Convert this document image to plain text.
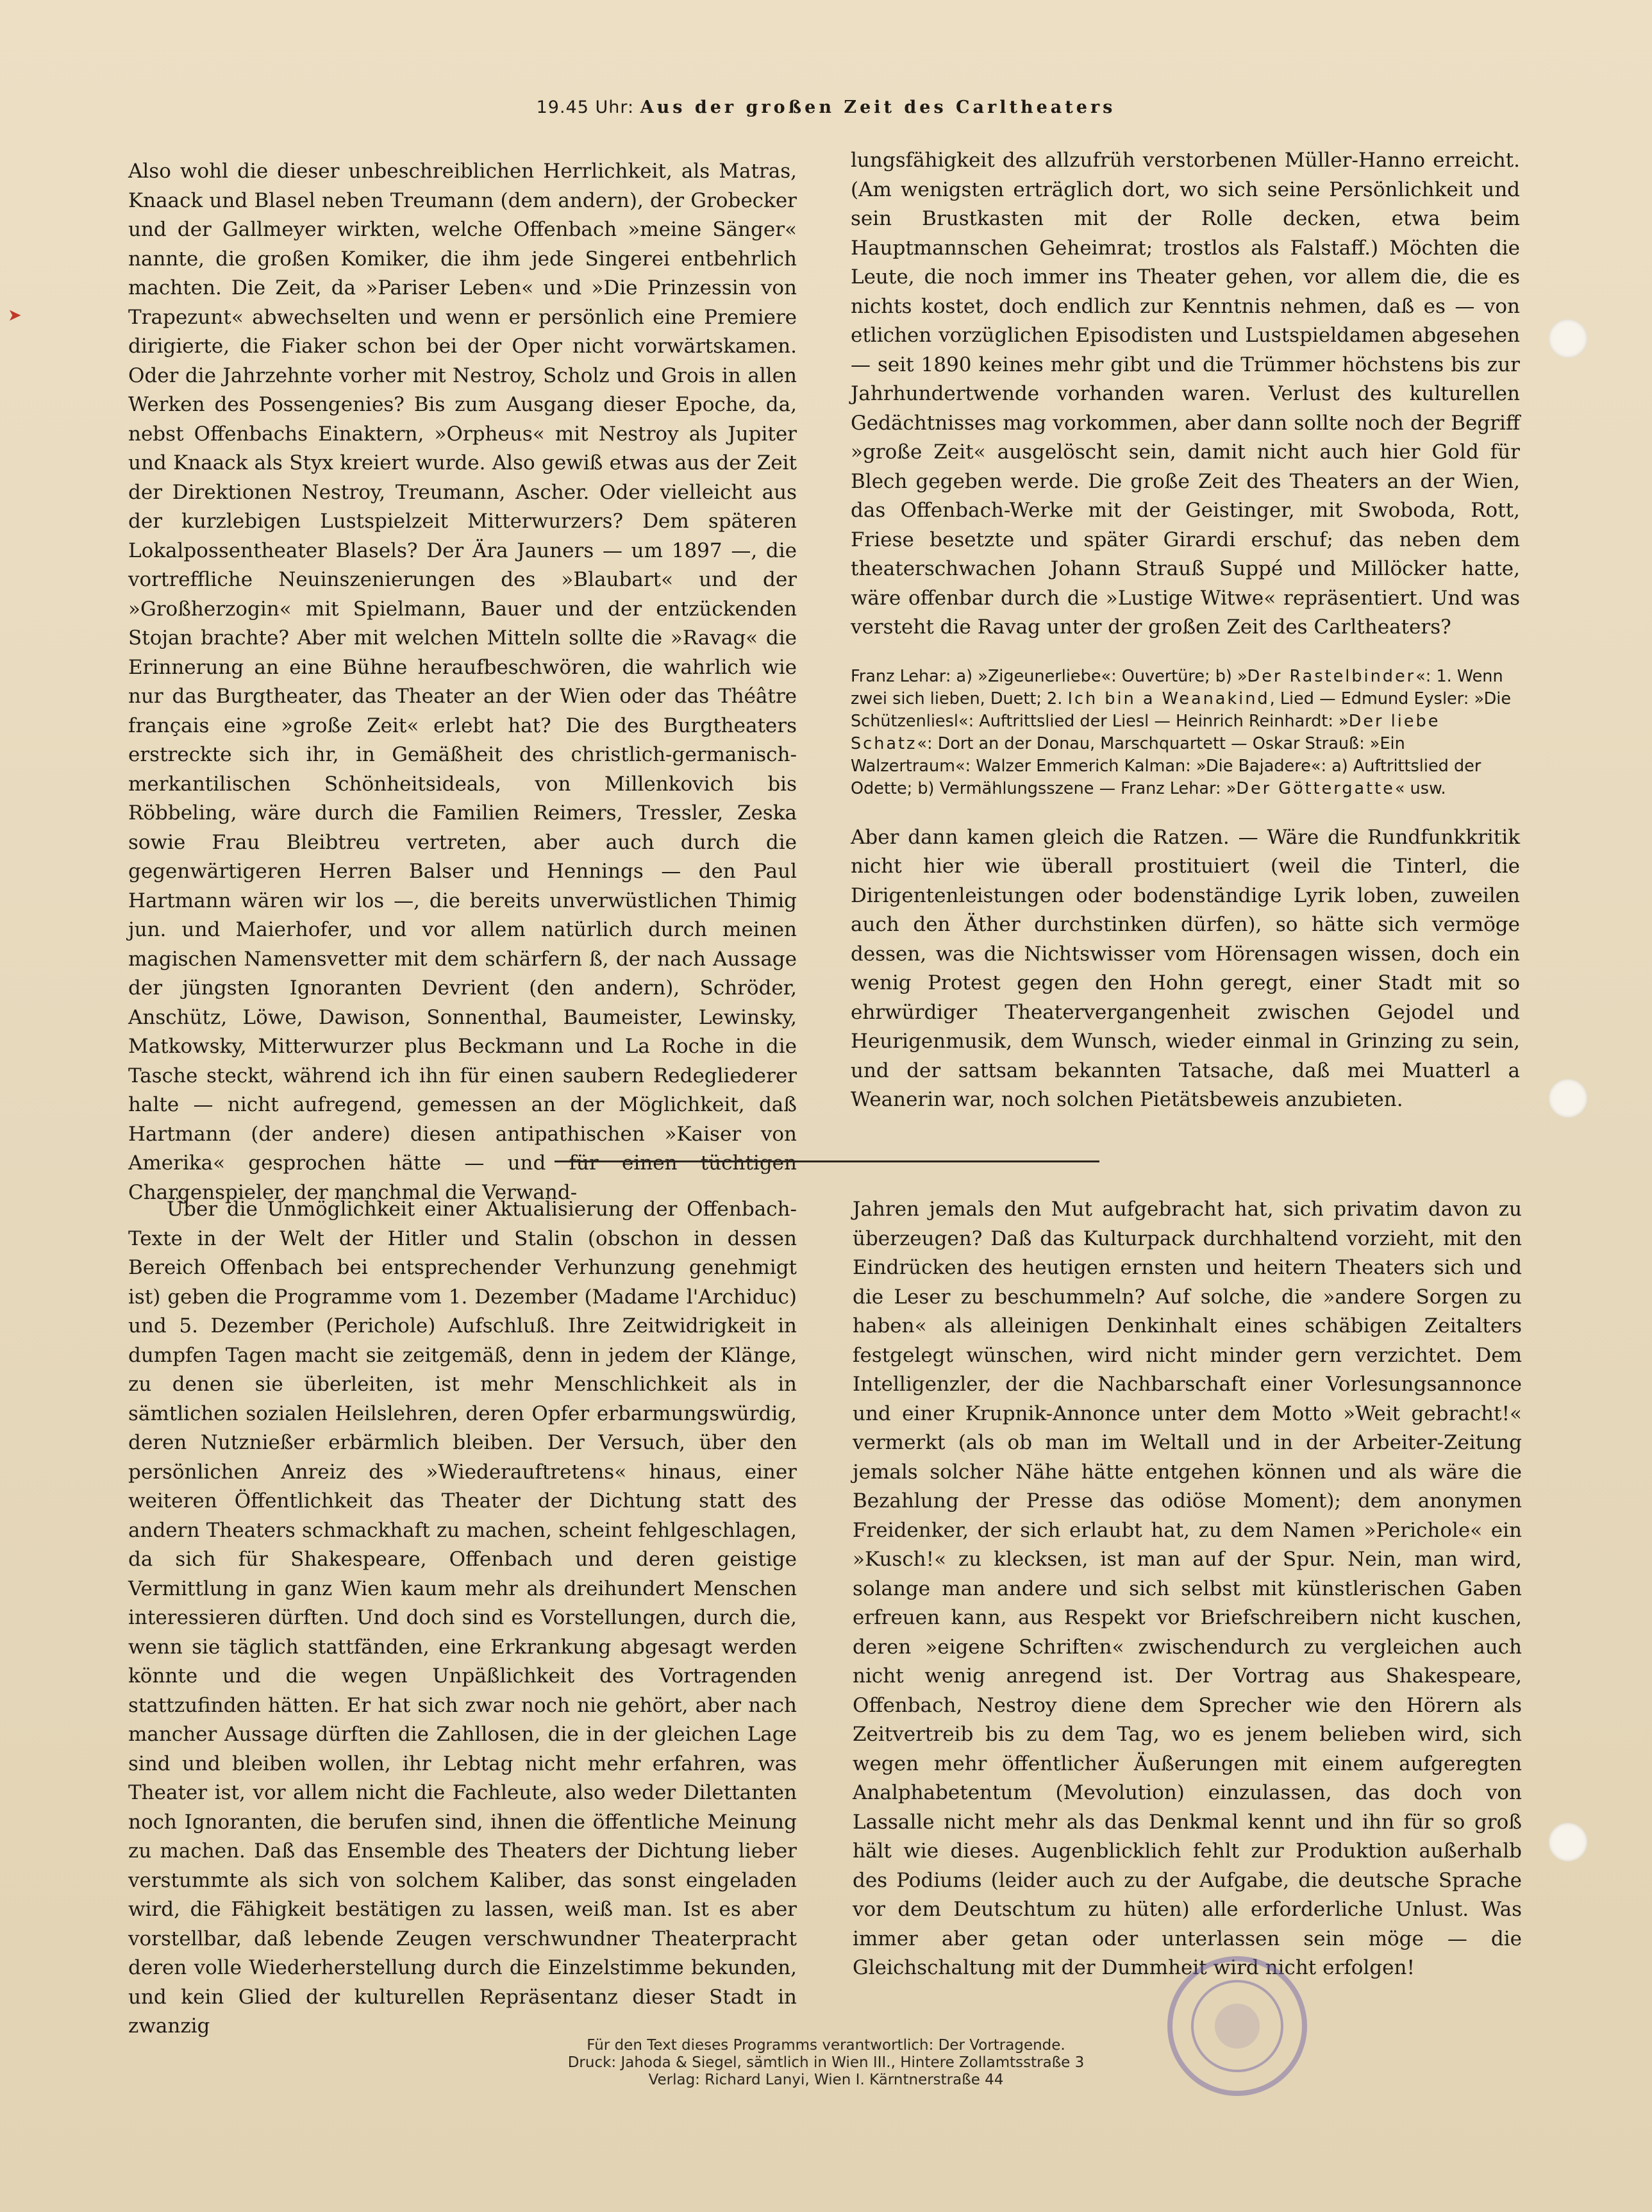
➤
19.45 Uhr: Aus der großen Zeit des Carltheaters

Also wohl die dieser unbeschreiblichen Herrlichkeit, als Matras, Knaack und Blasel neben Treumann (dem andern), der Grobecker und der Gallmeyer wirkten, welche Offenbach »meine Sänger« nannte, die großen Komiker, die ihm jede Singerei entbehrlich machten. Die Zeit, da »Pariser Leben« und »Die Prinzessin von Trapezunt« abwechselten und wenn er persönlich eine Premiere dirigierte, die Fiaker schon bei der Oper nicht vorwärtskamen. Oder die Jahrzehnte vorher mit Nestroy, Scholz und Grois in allen Werken des Possengenies? Bis zum Ausgang dieser Epoche, da, nebst Offenbachs Einaktern, »Orpheus« mit Nestroy als Jupiter und Knaack als Styx kreiert wurde. Also gewiß etwas aus der Zeit der Direktionen Nestroy, Treumann, Ascher. Oder vielleicht aus der kurzlebigen Lustspielzeit Mitterwurzers? Dem späteren Lokalpossentheater Blasels? Der Ära Jauners — um 1897 —, die vortreffliche Neuinszenierungen des »Blaubart« und der »Großherzogin« mit Spielmann, Bauer und der entzückenden Stojan brachte? Aber mit welchen Mitteln sollte die »Ravag« die Erinnerung an eine Bühne heraufbeschwören, die wahrlich wie nur das Burgtheater, das Theater an der Wien oder das Théâtre français eine »große Zeit« erlebt hat? Die des Burgtheaters erstreckte sich ihr, in Gemäßheit des christlich-germanisch-merkantilischen Schönheitsideals, von Millenkovich bis Röbbeling, wäre durch die Familien Reimers, Tressler, Zeska sowie Frau Bleibtreu vertreten, aber auch durch die gegenwärtigeren Herren Balser und Hennings — den Paul Hartmann wären wir los —, die bereits unverwüstlichen Thimig jun. und Maierhofer, und vor allem natürlich durch meinen magischen Namensvetter mit dem schärfern ß, der nach Aussage der jüngsten Ignoranten Devrient (den andern), Schröder, Anschütz, Löwe, Dawison, Sonnenthal, Baumeister, Lewinsky, Matkowsky, Mitterwurzer plus Beckmann und La Roche in die Tasche steckt, während ich ihn für einen saubern Redegliederer halte — nicht aufregend, gemessen an der Möglichkeit, daß Hartmann (der andere) diesen antipathischen »Kaiser von Amerika« gesprochen hätte — und für einen tüchtigen Chargenspieler, der manchmal die Verwand-

lungsfähigkeit des allzufrüh verstorbenen Müller-Hanno erreicht. (Am wenigsten erträglich dort, wo sich seine Persönlichkeit und sein Brustkasten mit der Rolle decken, etwa beim Hauptmannschen Geheimrat; trostlos als Falstaff.) Möchten die Leute, die noch immer ins Theater gehen, vor allem die, die es nichts kostet, doch endlich zur Kenntnis nehmen, daß es — von etlichen vorzüglichen Episodisten und Lustspieldamen abgesehen — seit 1890 keines mehr gibt und die Trümmer höchstens bis zur Jahrhundertwende vorhanden waren. Verlust des kulturellen Gedächtnisses mag vorkommen, aber dann sollte noch der Begriff »große Zeit« ausgelöscht sein, damit nicht auch hier Gold für Blech gegeben werde. Die große Zeit des Theaters an der Wien, das Offenbach-Werke mit der Geistinger, mit Swoboda, Rott, Friese besetzte und später Girardi erschuf; das neben dem theaterschwachen Johann Strauß Suppé und Millöcker hatte, wäre offenbar durch die »Lustige Witwe« repräsentiert. Und was versteht die Ravag unter der großen Zeit des Carltheaters?

Franz Lehar: a) »Zigeunerliebe«: Ouvertüre; b) »Der Rastelbinder«: 1. Wenn zwei sich lieben, Duett; 2. Ich bin a Weanakind, Lied — Edmund Eysler: »Die Schützenliesl«: Auftrittslied der Liesl — Heinrich Reinhardt: »Der liebe Schatz«: Dort an der Donau, Marschquartett — Oskar Strauß: »Ein Walzertraum«: Walzer Emmerich Kalman: »Die Bajadere«: a) Auftrittslied der Odette; b) Vermählungsszene — Franz Lehar: »Der Göttergatte« usw.

Aber dann kamen gleich die Ratzen. — Wäre die Rundfunkkritik nicht hier wie überall prostituiert (weil die Tinterl, die Dirigentenleistungen oder bodenständige Lyrik loben, zuweilen auch den Äther durchstinken dürfen), so hätte sich vermöge dessen, was die Nichtswisser vom Hörensagen wissen, doch ein wenig Protest gegen den Hohn geregt, einer Stadt mit so ehrwürdiger Theatervergangenheit zwischen Gejodel und Heurigenmusik, dem Wunsch, wieder einmal in Grinzing zu sein, und der sattsam bekannten Tatsache, daß mei Muatterl a Weanerin war, noch solchen Pietätsbeweis anzubieten.

Über die Unmöglichkeit einer Aktualisierung der Offenbach-Texte in der Welt der Hitler und Stalin (obschon in dessen Bereich Offenbach bei entsprechender Verhunzung genehmigt ist) geben die Programme vom 1. Dezember (Madame l'Archiduc) und 5. Dezember (Perichole) Aufschluß. Ihre Zeitwidrigkeit in dumpfen Tagen macht sie zeitgemäß, denn in jedem der Klänge, zu denen sie überleiten, ist mehr Menschlichkeit als in sämtlichen sozialen Heilslehren, deren Opfer erbarmungswürdig, deren Nutznießer erbärmlich bleiben. Der Versuch, über den persönlichen Anreiz des »Wiederauftretens« hinaus, einer weiteren Öffentlichkeit das Theater der Dichtung statt des andern Theaters schmackhaft zu machen, scheint fehlgeschlagen, da sich für Shakespeare, Offenbach und deren geistige Vermittlung in ganz Wien kaum mehr als dreihundert Menschen interessieren dürften. Und doch sind es Vorstellungen, durch die, wenn sie täglich stattfänden, eine Erkrankung abgesagt werden könnte und die wegen Unpäßlichkeit des Vortragenden stattzufinden hätten. Er hat sich zwar noch nie gehört, aber nach mancher Aussage dürften die Zahllosen, die in der gleichen Lage sind und bleiben wollen, ihr Lebtag nicht mehr erfahren, was Theater ist, vor allem nicht die Fachleute, also weder Dilettanten noch Ignoranten, die berufen sind, ihnen die öffentliche Meinung zu machen. Daß das Ensemble des Theaters der Dichtung lieber verstummte als sich von solchem Kaliber, das sonst eingeladen wird, die Fähigkeit bestätigen zu lassen, weiß man. Ist es aber vorstellbar, daß lebende Zeugen verschwundner Theaterpracht deren volle Wiederherstellung durch die Einzelstimme bekunden, und kein Glied der kulturellen Repräsentanz dieser Stadt in zwanzig

Jahren jemals den Mut aufgebracht hat, sich privatim davon zu überzeugen? Daß das Kulturpack durchhaltend vorzieht, mit den Eindrücken des heutigen ernsten und heitern Theaters sich und die Leser zu beschummeln? Auf solche, die »andere Sorgen zu haben« als alleinigen Denkinhalt eines schäbigen Zeitalters festgelegt wünschen, wird nicht minder gern verzichtet. Dem Intelligenzler, der die Nachbarschaft einer Vorlesungsannonce und einer Krupnik-Annonce unter dem Motto »Weit gebracht!« vermerkt (als ob man im Weltall und in der Arbeiter-Zeitung jemals solcher Nähe hätte entgehen können und als wäre die Bezahlung der Presse das odiöse Moment); dem anonymen Freidenker, der sich erlaubt hat, zu dem Namen »Perichole« ein »Kusch!« zu klecksen, ist man auf der Spur. Nein, man wird, solange man andere und sich selbst mit künstlerischen Gaben erfreuen kann, aus Respekt vor Briefschreibern nicht kuschen, deren »eigene Schriften« zwischendurch zu vergleichen auch nicht wenig anregend ist. Der Vortrag aus Shakespeare, Offenbach, Nestroy diene dem Sprecher wie den Hörern als Zeitvertreib bis zu dem Tag, wo es jenem belieben wird, sich wegen mehr öffentlicher Äußerungen mit einem aufgeregten Analphabetentum (Mevolution) einzulassen, das doch von Lassalle nicht mehr als das Denkmal kennt und ihn für so groß hält wie dieses. Augenblicklich fehlt zur Produktion außerhalb des Podiums (leider auch zu der Aufgabe, die deutsche Sprache vor dem Deutschtum zu hüten) alle erforderliche Unlust. Was immer aber getan oder unterlassen sein möge — die Gleichschaltung mit der Dummheit wird nicht erfolgen!

Für den Text dieses Programms verantwortlich: Der Vortragende.

Druck: Jahoda & Siegel, sämtlich in Wien III., Hintere Zollamtsstraße 3

Verlag: Richard Lanyi, Wien I. Kärntnerstraße 44
